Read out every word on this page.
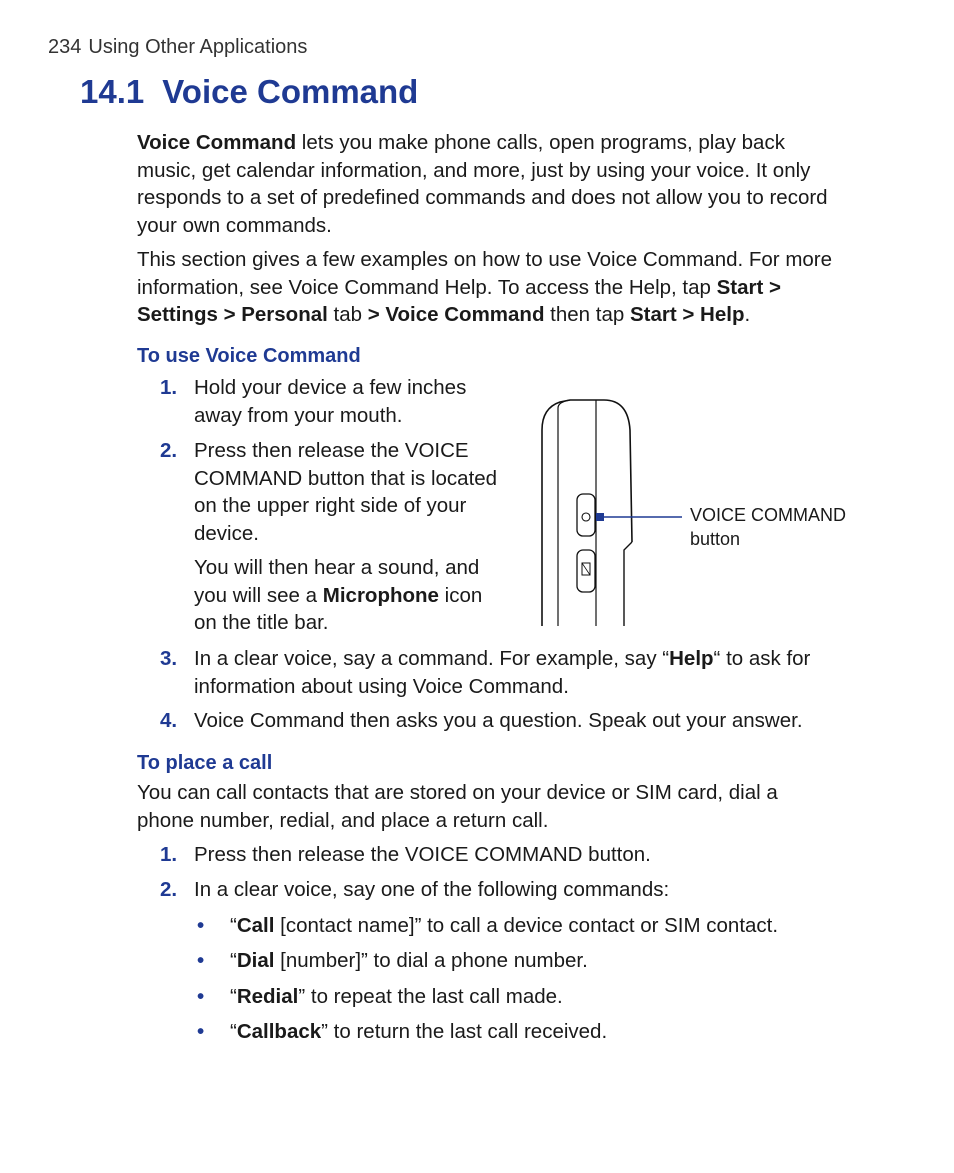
234 Using Other Applications
14.1 Voice Command

Voice Command lets you make phone calls, open programs, play back music, get calendar information, and more, just by using your voice. It only responds to a set of predefined commands and does not allow you to record your own commands.

This section gives a few examples on how to use Voice Command. For more information, see Voice Command Help. To access the Help, tap Start > Settings > Personal tab > Voice Command then tap Start > Help.

To use Voice Command
1. Hold your device a few inches away from your mouth.
2. Press then release the VOICE COMMAND button that is located on the upper right side of your device.
You will then hear a sound, and you will see a Microphone icon on the title bar.
VOICE COMMAND button
3. In a clear voice, say a command. For example, say “Help“ to ask for information about using Voice Command.
4. Voice Command then asks you a question. Speak out your answer.
To place a call

You can call contacts that are stored on your device or SIM card, dial a phone number, redial, and place a return call.

1. Press then release the VOICE COMMAND button.
2. In a clear voice, say one of the following commands:
• “Call [contact name]” to call a device contact or SIM contact.
• “Dial [number]” to dial a phone number.
• “Redial” to repeat the last call made.
• “Callback” to return the last call received.
